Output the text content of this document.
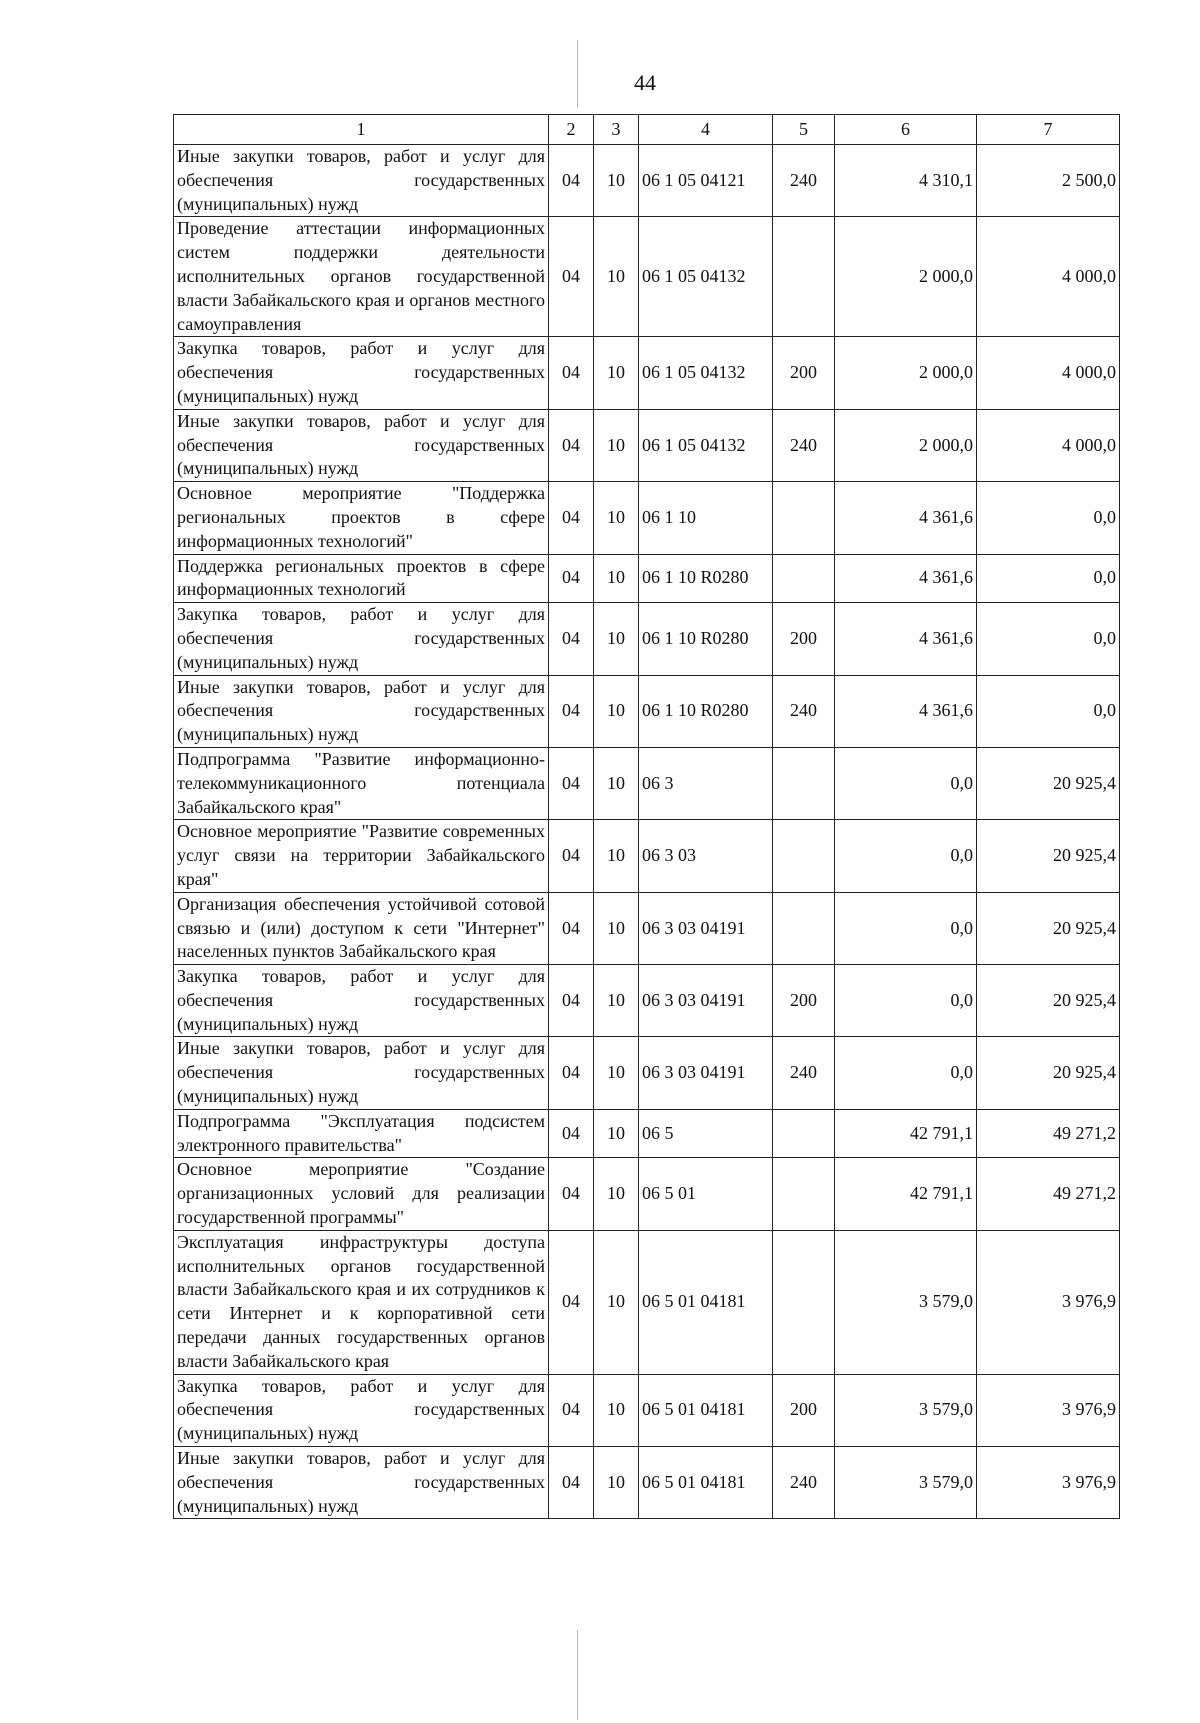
44
1	2	3	4	5	6	7
Иные закупки товаров, работ и услуг для обеспечения государственных (муниципальных) нужд	04	10	06 1 05 04121	240	4 310,1	2 500,0
Проведение аттестации информационных систем поддержки деятельности исполнительных органов государственной власти Забайкальского края и органов местного самоуправления	04	10	06 1 05 04132		2 000,0	4 000,0
Закупка товаров, работ и услуг для обеспечения государственных (муниципальных) нужд	04	10	06 1 05 04132	200	2 000,0	4 000,0
Иные закупки товаров, работ и услуг для обеспечения государственных (муниципальных) нужд	04	10	06 1 05 04132	240	2 000,0	4 000,0
Основное мероприятие "Поддержка региональных проектов в сфере информационных технологий"	04	10	06 1 10		4 361,6	0,0
Поддержка региональных проектов в сфере информационных технологий	04	10	06 1 10 R0280		4 361,6	0,0
Закупка товаров, работ и услуг для обеспечения государственных (муниципальных) нужд	04	10	06 1 10 R0280	200	4 361,6	0,0
Иные закупки товаров, работ и услуг для обеспечения государственных (муниципальных) нужд	04	10	06 1 10 R0280	240	4 361,6	0,0
Подпрограмма "Развитие информационно-телекоммуникационного потенциала Забайкальского края"	04	10	06 3		0,0	20 925,4
Основное мероприятие "Развитие современных услуг связи на территории Забайкальского края"	04	10	06 3 03		0,0	20 925,4
Организация обеспечения устойчивой сотовой связью и (или) доступом к сети "Интернет" населенных пунктов Забайкальского края	04	10	06 3 03 04191		0,0	20 925,4
Закупка товаров, работ и услуг для обеспечения государственных (муниципальных) нужд	04	10	06 3 03 04191	200	0,0	20 925,4
Иные закупки товаров, работ и услуг для обеспечения государственных (муниципальных) нужд	04	10	06 3 03 04191	240	0,0	20 925,4
Подпрограмма "Эксплуатация подсистем электронного правительства"	04	10	06 5		42 791,1	49 271,2
Основное мероприятие "Создание организационных условий для реализации государственной программы"	04	10	06 5 01		42 791,1	49 271,2
Эксплуатация инфраструктуры доступа исполнительных органов государственной власти Забайкальского края и их сотрудников к сети Интернет и к корпоративной сети передачи данных государственных органов власти Забайкальского края	04	10	06 5 01 04181		3 579,0	3 976,9
Закупка товаров, работ и услуг для обеспечения государственных (муниципальных) нужд	04	10	06 5 01 04181	200	3 579,0	3 976,9
Иные закупки товаров, работ и услуг для обеспечения государственных (муниципальных) нужд	04	10	06 5 01 04181	240	3 579,0	3 976,9
